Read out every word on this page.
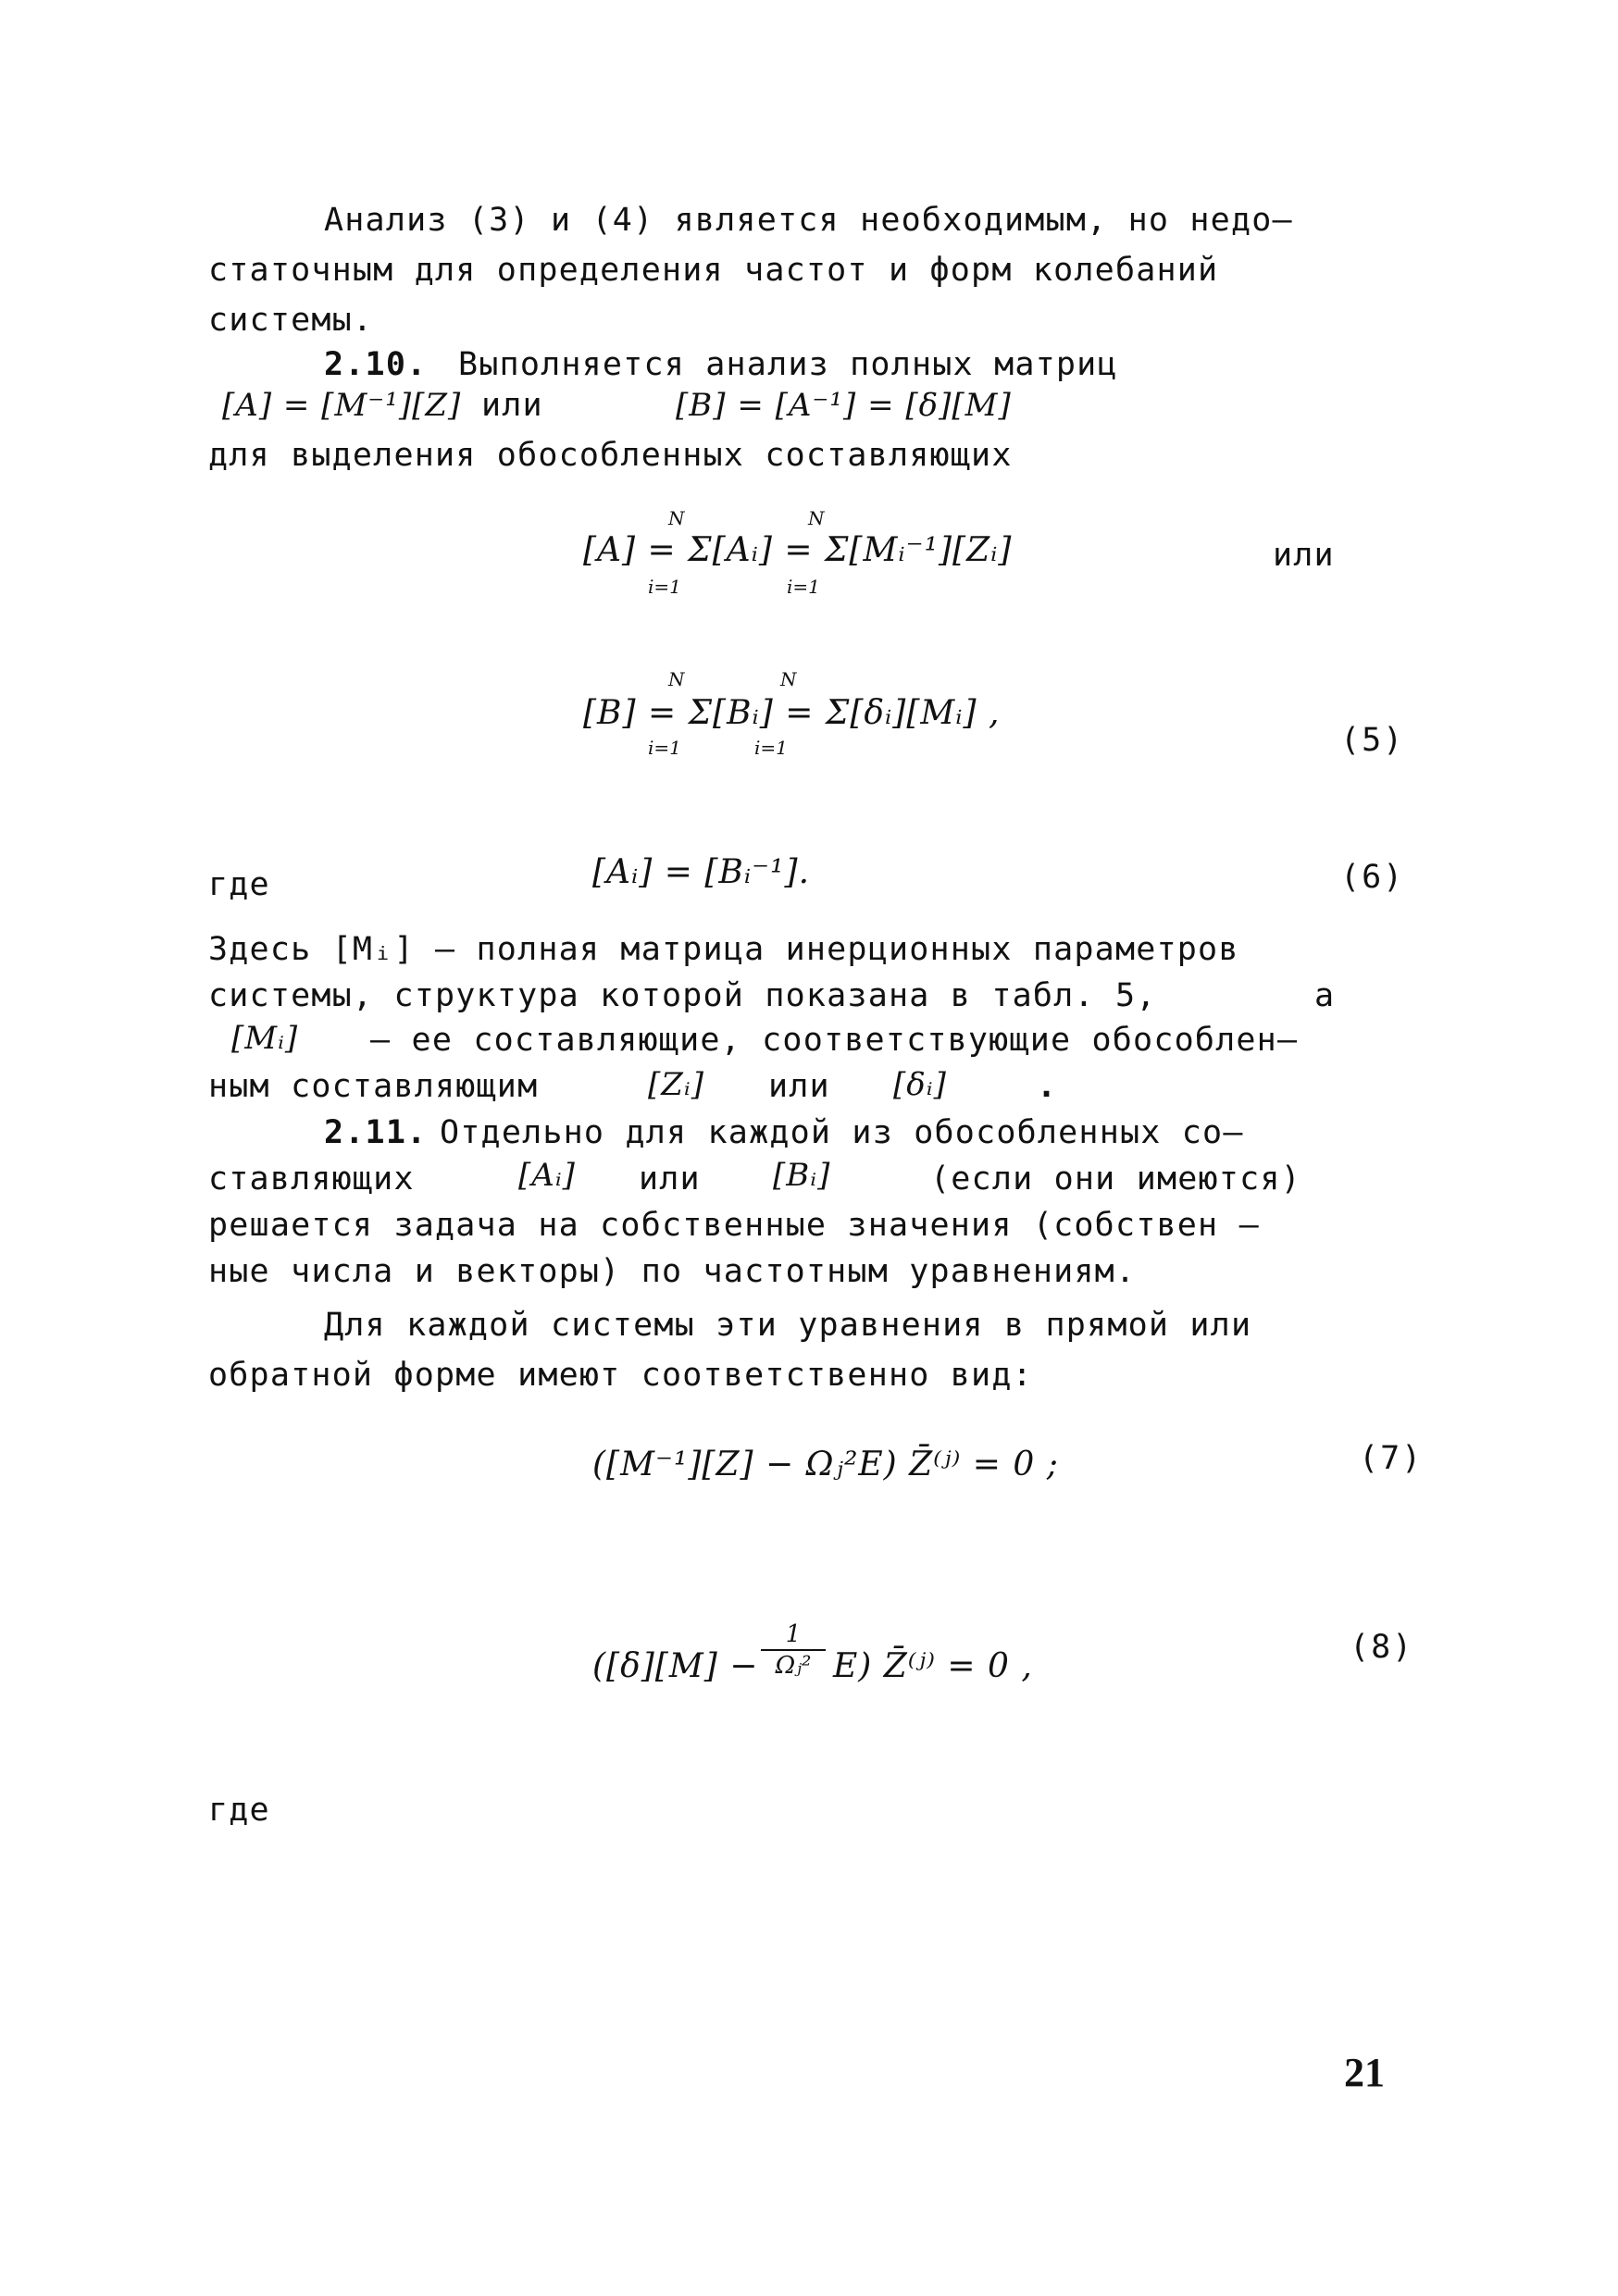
Анализ (3) и (4) является необходимым, но недо–
статочным для определения частот и форм колебаний
системы.
2.10. Выполняется анализ полных матриц
[A] = [M⁻¹][Z] или	[B] = [A⁻¹] = [δ][M]
для выделения обособленных составляющих
N	N
[A] = Σ[Aᵢ] = Σ[Mᵢ⁻¹][Zᵢ]
i=1	i=1
или
N	N
[B] = Σ[Bᵢ] = Σ[δᵢ][Mᵢ] ,
i=1	i=1	(5)
где	[Aᵢ] = [Bᵢ⁻¹].	(6)
Здесь [Mᵢ] – полная матрица инерционных параметров
системы, структура которой показана в табл. 5,	а
[Mᵢ] – ее составляющие, соответствующие обособлен–
ным составляющим	[Zᵢ] или [δᵢ]	.
2.11. Отдельно для каждой из обособленных со–
ставляющих	[Aᵢ] или [Bᵢ]	(если они имеются)
решается задача на собственные значения (собствен –
ные числа и векторы) по частотным уравнениям.
Для каждой системы эти уравнения в прямой или
обратной форме имеют соответственно вид:
([M⁻¹][Z] − Ωⱼ²E) Z̄⁽ʲ⁾ = 0 ;	(7)
([δ][M] −
1
Ωⱼ² E) Z̄⁽ʲ⁾ = 0 ,	(8)
где
21
